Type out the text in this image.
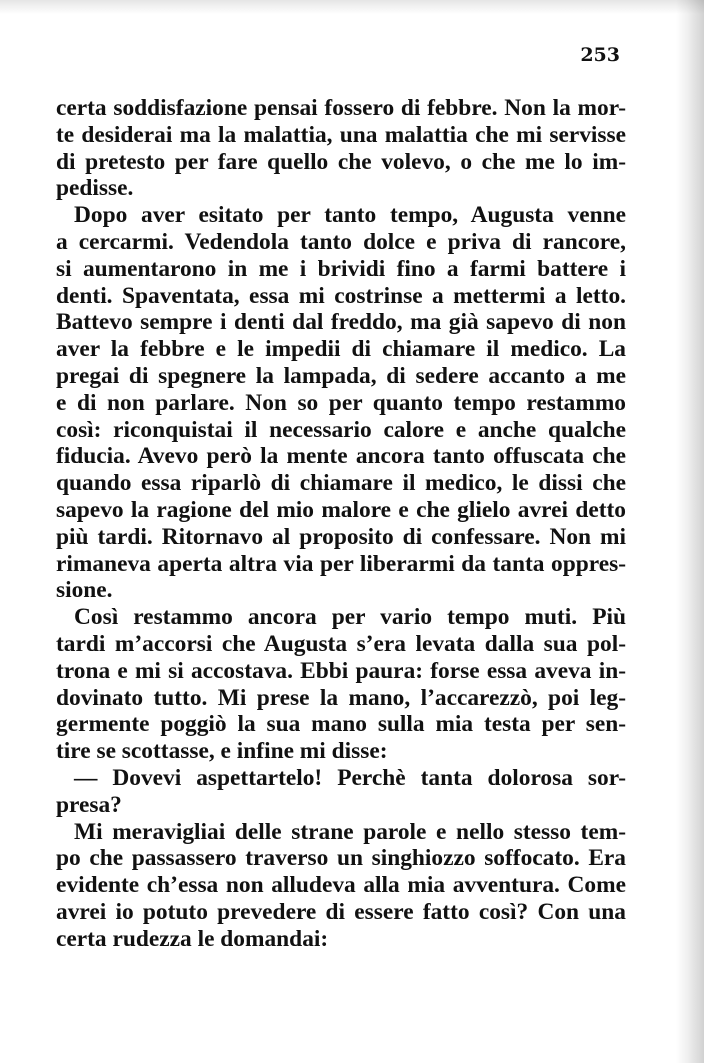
253

certa soddisfazione pensai fossero di febbre. Non la mor-
te desiderai ma la malattia, una malattia che mi servisse
di pretesto per fare quello che volevo, o che me lo im-
pedisse.
Dopo aver esitato per tanto tempo, Augusta venne
a cercarmi. Vedendola tanto dolce e priva di rancore,
si aumentarono in me i brividi fino a farmi battere i
denti. Spaventata, essa mi costrinse a mettermi a letto.
Battevo sempre i denti dal freddo, ma già sapevo di non
aver la febbre e le impedii di chiamare il medico. La
pregai di spegnere la lampada, di sedere accanto a me
e di non parlare. Non so per quanto tempo restammo
così: riconquistai il necessario calore e anche qualche
fiducia. Avevo però la mente ancora tanto offuscata che
quando essa riparlò di chiamare il medico, le dissi che
sapevo la ragione del mio malore e che glielo avrei detto
più tardi. Ritornavo al proposito di confessare. Non mi
rimaneva aperta altra via per liberarmi da tanta oppres-
sione.
Così restammo ancora per vario tempo muti. Più
tardi m’accorsi che Augusta s’era levata dalla sua pol-
trona e mi si accostava. Ebbi paura: forse essa aveva in-
dovinato tutto. Mi prese la mano, l’accarezzò, poi leg-
germente poggiò la sua mano sulla mia testa per sen-
tire se scottasse, e infine mi disse:
— Dovevi aspettartelo! Perchè tanta dolorosa sor-
presa?
Mi meravigliai delle strane parole e nello stesso tem-
po che passassero traverso un singhiozzo soffocato. Era
evidente ch’essa non alludeva alla mia avventura. Come
avrei io potuto prevedere di essere fatto così? Con una
certa rudezza le domandai:
